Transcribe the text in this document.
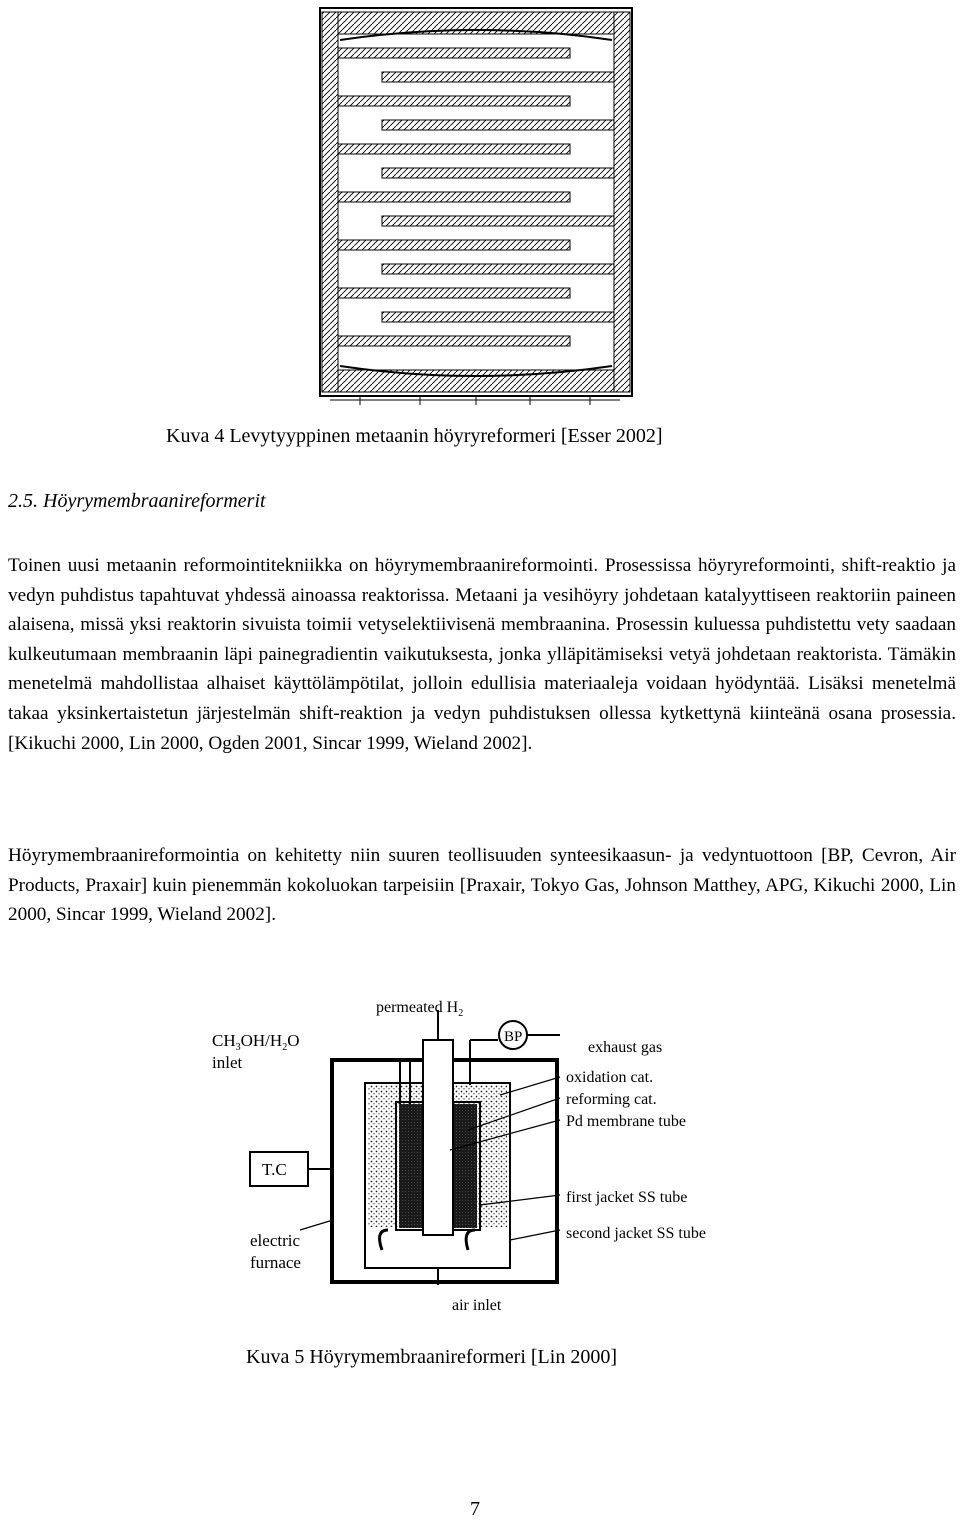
Kuva 4 Levytyyppinen metaanin höyryreformeri [Esser 2002]
2.5. Höyrymembraanireformerit
Toinen uusi metaanin reformointitekniikka on höyrymembraanireformointi. Prosessissa höyryreformointi, shift-reaktio ja vedyn puhdistus tapahtuvat yhdessä ainoassa reaktorissa. Metaani ja vesihöyry johdetaan katalyyttiseen reaktoriin paineen alaisena, missä yksi reaktorin sivuista toimii vetyselektiivisenä membraanina. Prosessin kuluessa puhdistettu vety saadaan kulkeutumaan membraanin läpi painegradientin vaikutuksesta, jonka ylläpitämiseksi vetyä johdetaan reaktorista. Tämäkin menetelmä mahdollistaa alhaiset käyttölämpötilat, jolloin edullisia materiaaleja voidaan hyödyntää. Lisäksi menetelmä takaa yksinkertaistetun järjestelmän shift-reaktion ja vedyn puhdistuksen ollessa kytkettynä kiinteänä osana prosessia. [Kikuchi 2000, Lin 2000, Ogden 2001, Sincar 1999, Wieland 2002].
Höyrymembraanireformointia on kehitetty niin suuren teollisuuden synteesikaasun- ja vedyntuottoon [BP, Cevron, Air Products, Praxair] kuin pienemmän kokoluokan tarpeisiin [Praxair, Tokyo Gas, Johnson Matthey, APG, Kikuchi 2000, Lin 2000, Sincar 1999, Wieland 2002].
permeated $H_2$
$CH_3OH/H_2O$
inlet
BP
exhaust gas
oxidation cat.
reforming cat.
Pd membrane tube
first jacket SS tube
second jacket SS tube
T.C
electric
furnace
air inlet
Kuva 5 Höyrymembraanireformeri [Lin 2000]
7
